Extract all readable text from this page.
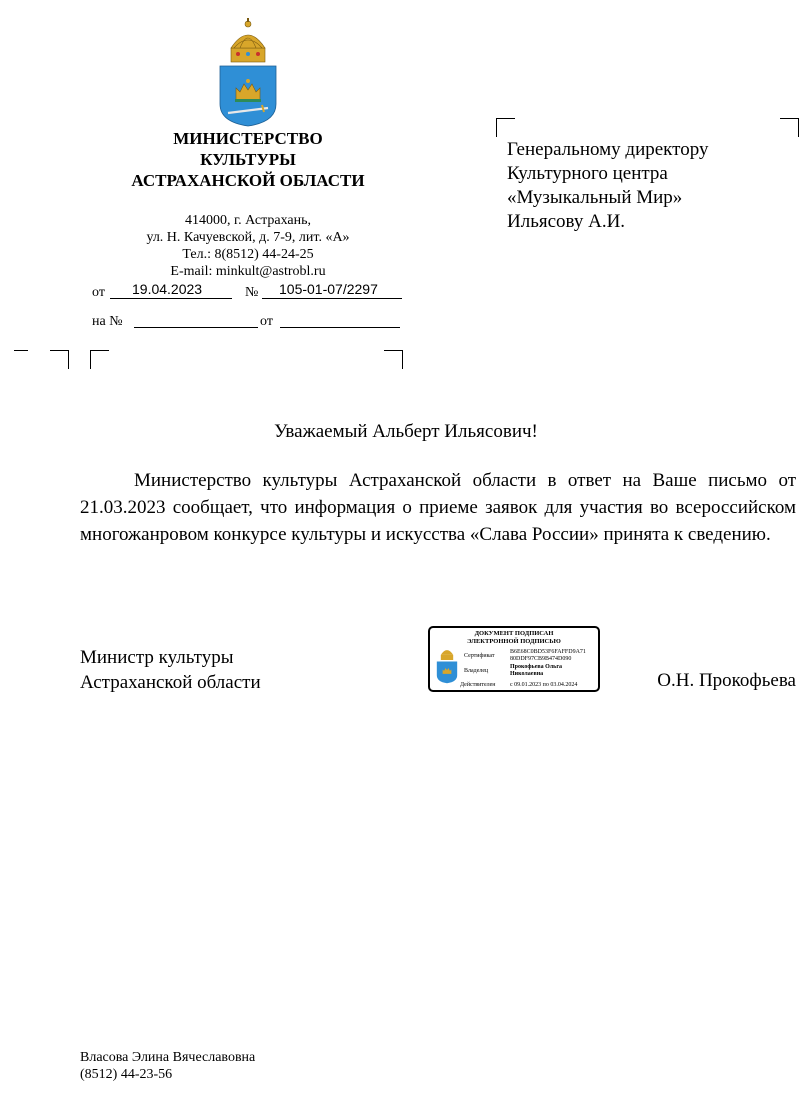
МИНИСТЕРСТВО
КУЛЬТУРЫ
АСТРАХАНСКОЙ ОБЛАСТИ
414000, г. Астрахань,
ул. Н. Качуевской, д. 7-9, лит. «А»
Тел.: 8(8512) 44-24-25
E-mail: minkult@astrobl.ru
от 19.04.2023	№ 105-01-07/2297
на №	от
Генеральному директору
Культурного центра
«Музыкальный Мир»
Ильясову А.И.
Уважаемый Альберт Ильясович!
Министерство культуры Астраханской области в ответ на Ваше письмо от 21.03.2023 сообщает, что информация о приеме заявок для участия во всероссийском многожанровом конкурсе культуры и искусства «Слава России» принята к сведению.
Министр культуры
Астраханской области	О.Н. Прокофьева
ДОКУМЕНТ ПОДПИСАН
ЭЛЕКТРОННОЙ ПОДПИСЬЮ
Сертификат
B6E68C0BD53F6FAFFD9A71
80DDF97CB9B474D090
Владелец
Прокофьева Ольга
Николаевна
Действителен с 09.01.2023 по 03.04.2024
Власова Элина Вячеславовна
(8512) 44-23-56
